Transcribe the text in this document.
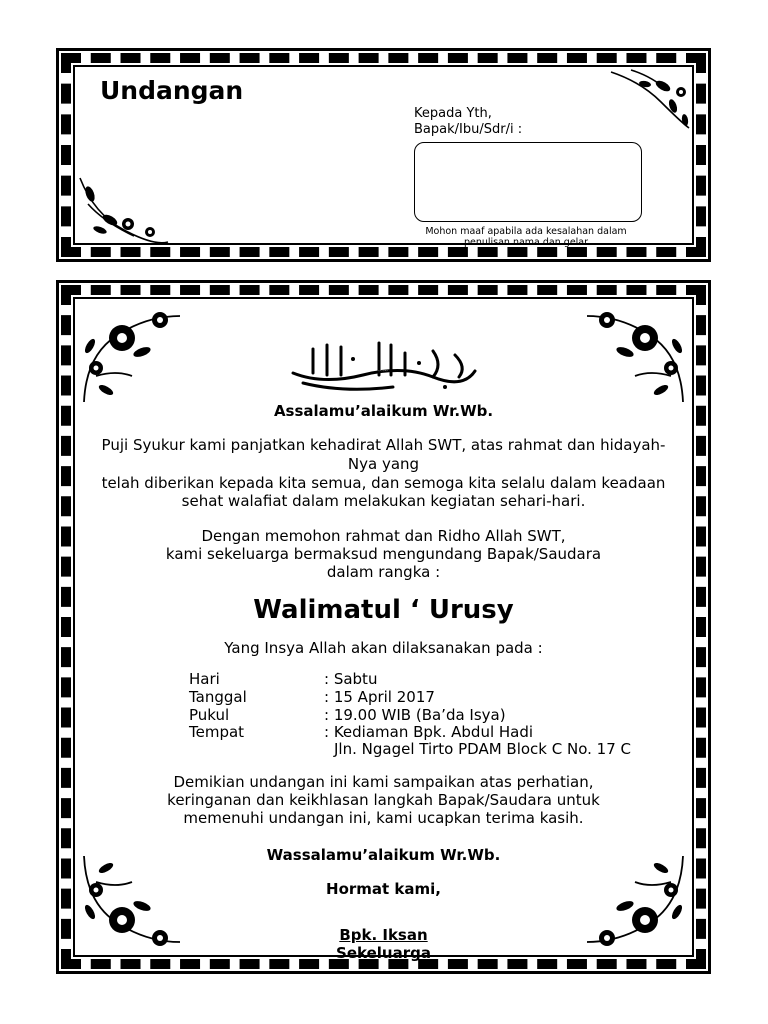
Undangan
Kepada Yth,
Bapak/Ibu/Sdr/i :
Mohon maaf apabila ada kesalahan dalam penulisan nama dan gelar
بسم الله الرحمن الرحيم
Assalamu’alaikum Wr.Wb.
Puji Syukur kami panjatkan kehadirat Allah SWT, atas rahmat dan hidayah-
Nya yang
telah diberikan kepada kita semua, dan semoga kita selalu dalam keadaan
sehat walafiat dalam melakukan kegiatan sehari-hari.
Dengan memohon rahmat dan Ridho Allah SWT,
kami sekeluarga bermaksud mengundang Bapak/Saudara
dalam rangka :
Walimatul ‘ Urusy
Yang Insya Allah akan dilaksanakan pada :
Hari	: Sabtu
Tanggal	: 15 April 2017
Pukul	: 19.00 WIB (Ba’da Isya)
Tempat	: Kediaman Bpk. Abdul Hadi
Jln. Ngagel Tirto PDAM Block C No. 17 C
Demikian undangan ini kami sampaikan atas perhatian,
keringanan dan keikhlasan langkah Bapak/Saudara untuk
memenuhi undangan ini, kami ucapkan terima kasih.
Wassalamu’alaikum Wr.Wb.
Hormat kami,
Bpk. Iksan
Sekeluarga
